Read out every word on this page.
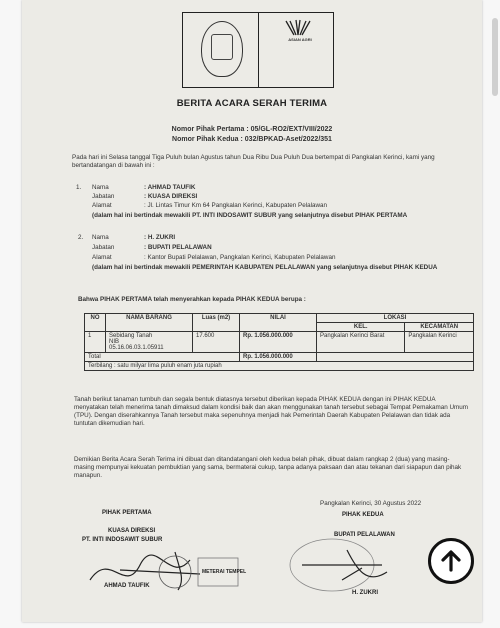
ASIAN AGRI
BERITA ACARA SERAH TERIMA
Nomor Pihak Pertama : 05/GL-RO2/EXT/VIII/2022
Nomor Pihak Kedua : 032/BPKAD-Aset/2022/351
Pada hari ini Selasa tanggal Tiga Puluh bulan Agustus tahun Dua Ribu Dua Puluh Dua bertempat di Pangkalan Kerinci, kami yang bertandatangan di bawah ini :
1. Nama	: AHMAD TAUFIK
Jabatan	: KUASA DIREKSI
Alamat	: Jl. Lintas Timur Km 64 Pangkalan Kerinci, Kabupaten Pelalawan
(dalam hal ini bertindak mewakili PT. INTI INDOSAWIT SUBUR yang selanjutnya disebut PIHAK PERTAMA
2. Nama	: H. ZUKRI
Jabatan	: BUPATI PELALAWAN
Alamat	: Kantor Bupati Pelalawan, Pangkalan Kerinci, Kabupaten Pelalawan
(dalam hal ini bertindak mewakili PEMERINTAH KABUPATEN PELALAWAN yang selanjutnya disebut PIHAK KEDUA
Bahwa PIHAK PERTAMA telah menyerahkan kepada PIHAK KEDUA berupa :
NO	NAMA BARANG	Luas (m2)	NILAI	LOKASI	
				KEL.	KECAMATAN
1	Sebidang Tanah
NIB
05.16.06.03.1.05911	17.600	Rp. 1.056.000.000	Pangkalan Kerinci Barat	Pangkalan Kerinci
Total			Rp. 1.056.000.000		
Terbilang : satu milyar lima puluh enam juta rupiah					
Tanah berikut tanaman tumbuh dan segala bentuk diatasnya tersebut diberikan kepada PIHAK KEDUA dengan ini PIHAK KEDUA menyatakan telah menerima tanah dimaksud dalam kondisi baik dan akan menggunakan tanah tersebut sebagai Tempat Pemakaman Umum (TPU). Dengan diserahkannya Tanah tersebut maka sepenuhnya menjadi hak Pemerintah Daerah Kabupaten Pelalawan dan tidak ada tuntutan dikemudian hari.
Demikian Berita Acara Serah Terima ini dibuat dan ditandatangani oleh kedua belah pihak, dibuat dalam rangkap 2 (dua) yang masing-masing mempunyai kekuatan pembuktian yang sama, bermaterai cukup, tanpa adanya paksaan dan atau tekanan dari siapapun dan pihak manapun.
Pangkalan Kerinci, 30 Agustus 2022
PIHAK PERTAMA	PIHAK KEDUA
KUASA DIREKSI
PT. INTI INDOSAWIT SUBUR
BUPATI PELALAWAN
METERAI TEMPEL
AHMAD TAUFIK
H. ZUKRI
